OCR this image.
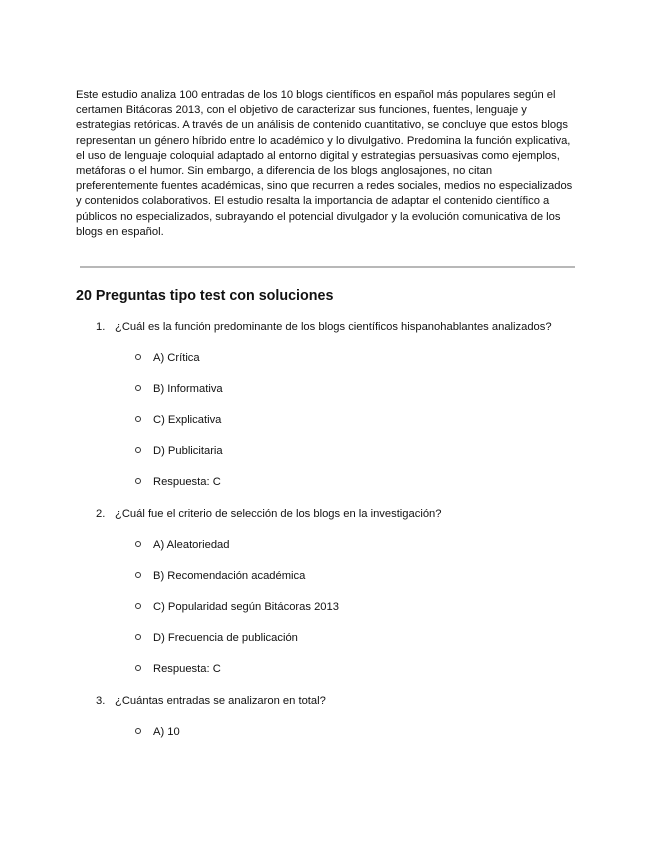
Este estudio analiza 100 entradas de los 10 blogs científicos en español más populares según el certamen Bitácoras 2013, con el objetivo de caracterizar sus funciones, fuentes, lenguaje y estrategias retóricas. A través de un análisis de contenido cuantitativo, se concluye que estos blogs representan un género híbrido entre lo académico y lo divulgativo. Predomina la función explicativa, el uso de lenguaje coloquial adaptado al entorno digital y estrategias persuasivas como ejemplos, metáforas o el humor. Sin embargo, a diferencia de los blogs anglosajones, no citan preferentemente fuentes académicas, sino que recurren a redes sociales, medios no especializados y contenidos colaborativos. El estudio resalta la importancia de adaptar el contenido científico a públicos no especializados, subrayando el potencial divulgador y la evolución comunicativa de los blogs en español.

20 Preguntas tipo test con soluciones
1. ¿Cuál es la función predominante de los blogs científicos hispanohablantes analizados?
A) Crítica
B) Informativa
C) Explicativa
D) Publicitaria
Respuesta: C
2. ¿Cuál fue el criterio de selección de los blogs en la investigación?
A) Aleatoriedad
B) Recomendación académica
C) Popularidad según Bitácoras 2013
D) Frecuencia de publicación
Respuesta: C
3. ¿Cuántas entradas se analizaron en total?
A) 10
